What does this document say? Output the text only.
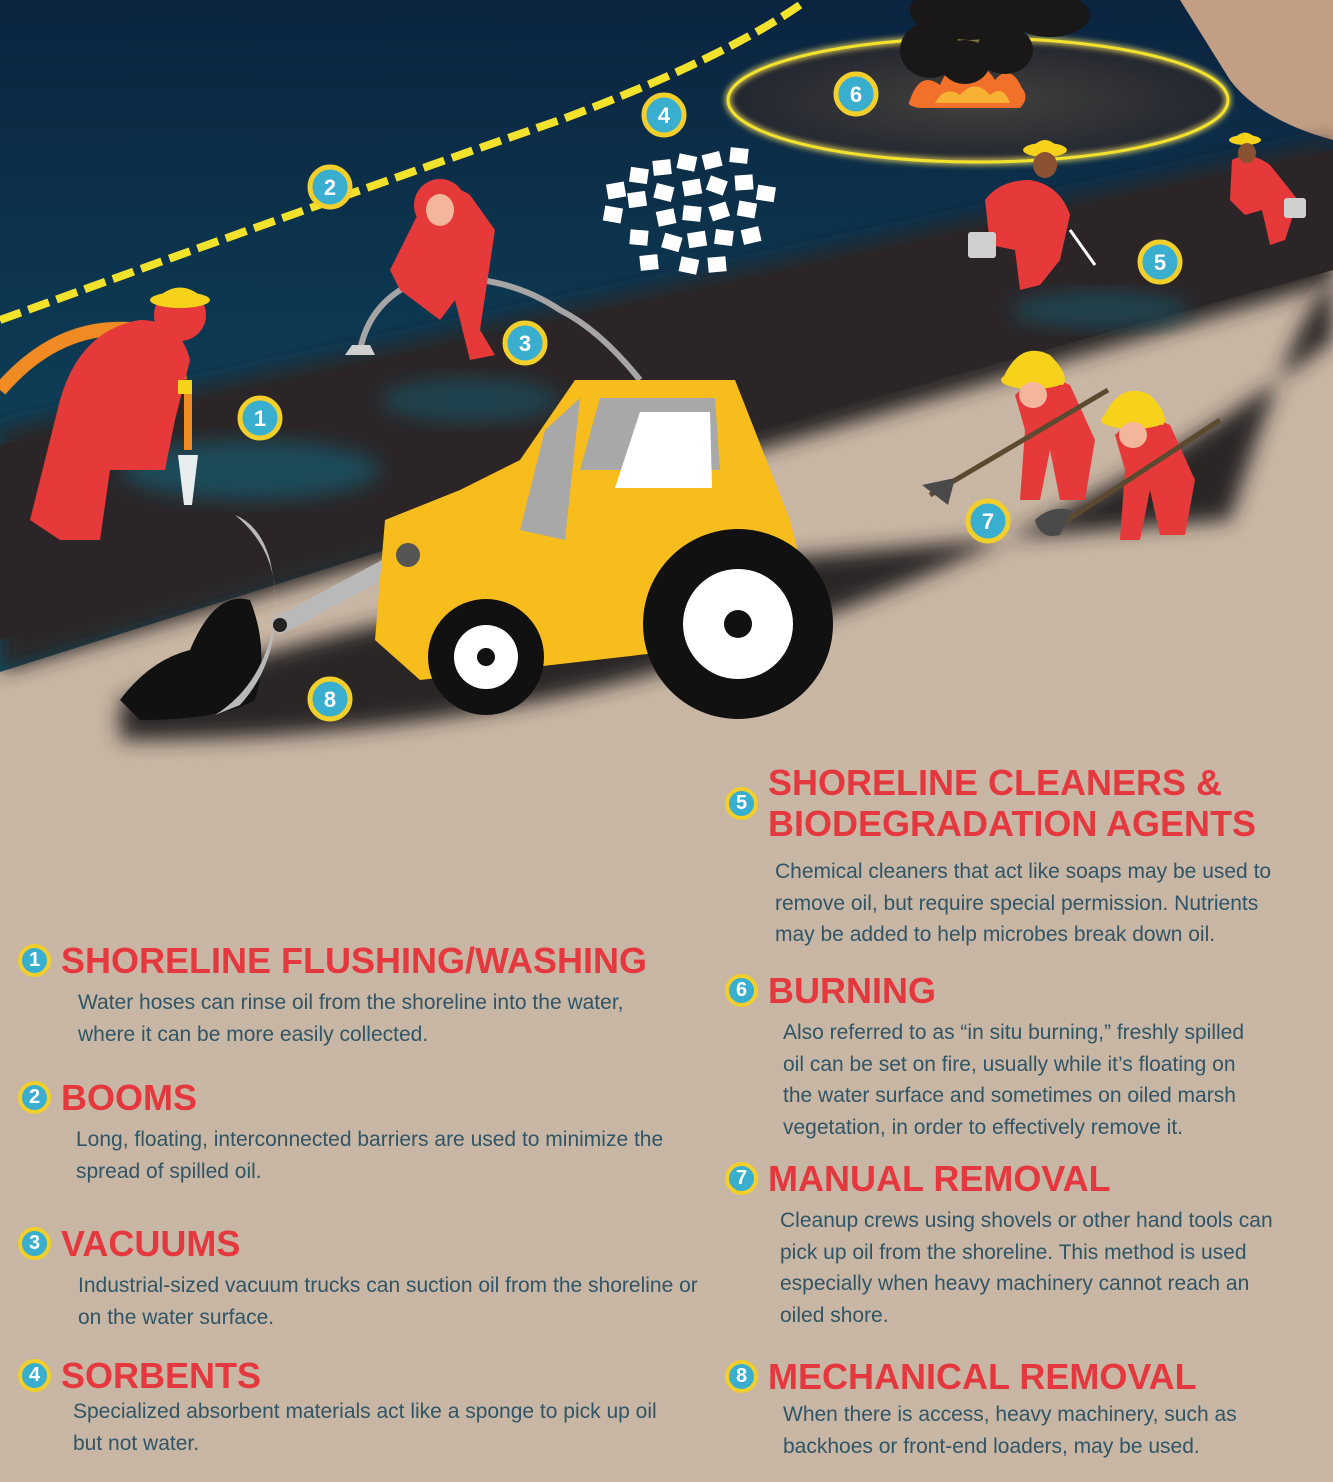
1
2
3
4
5
6
7
8
1 SHORELINE FLUSHING/WASHING
Water hoses can rinse oil from the shoreline into the water, where it can be more easily collected.
2 BOOMS
Long, floating, interconnected barriers are used to minimize the spread of spilled oil.
3 VACUUMS
Industrial-sized vacuum trucks can suction oil from the shoreline or on the water surface.
4 SORBENTS
Specialized absorbent materials act like a sponge to pick up oil but not water.
5 SHORELINE CLEANERS &
BIODEGRADATION AGENTS
Chemical cleaners that act like soaps may be used to remove oil, but require special permission. Nutrients may be added to help microbes break down oil.
6 BURNING
Also referred to as “in situ burning,” freshly spilled oil can be set on fire, usually while it’s floating on the water surface and sometimes on oiled marsh vegetation, in order to effectively remove it.
7 MANUAL REMOVAL
Cleanup crews using shovels or other hand tools can pick up oil from the shoreline. This method is used especially when heavy machinery cannot reach an oiled shore.
8 MECHANICAL REMOVAL
When there is access, heavy machinery, such as backhoes or front-end loaders, may be used.
